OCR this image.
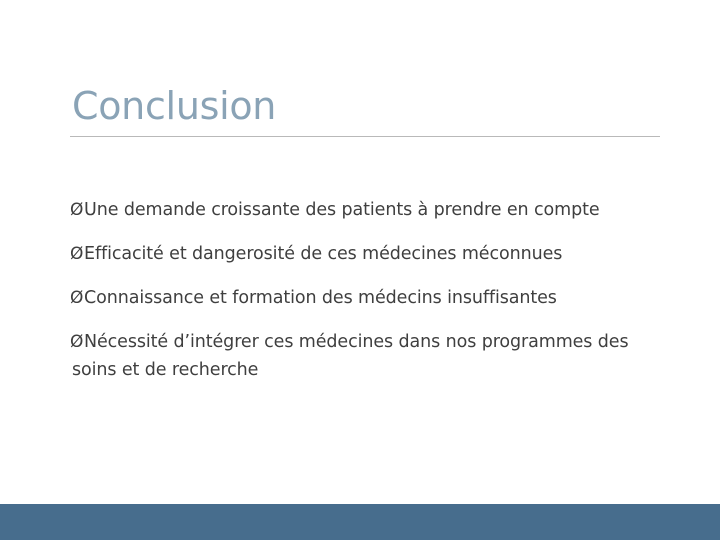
Conclusion
ØUne demande croissante des patients à prendre en compte
ØEfficacité et dangerosité de ces médecines méconnues
ØConnaissance et formation des médecins insuffisantes
ØNécessité d’intégrer ces médecines dans nos programmes des soins et de recherche
